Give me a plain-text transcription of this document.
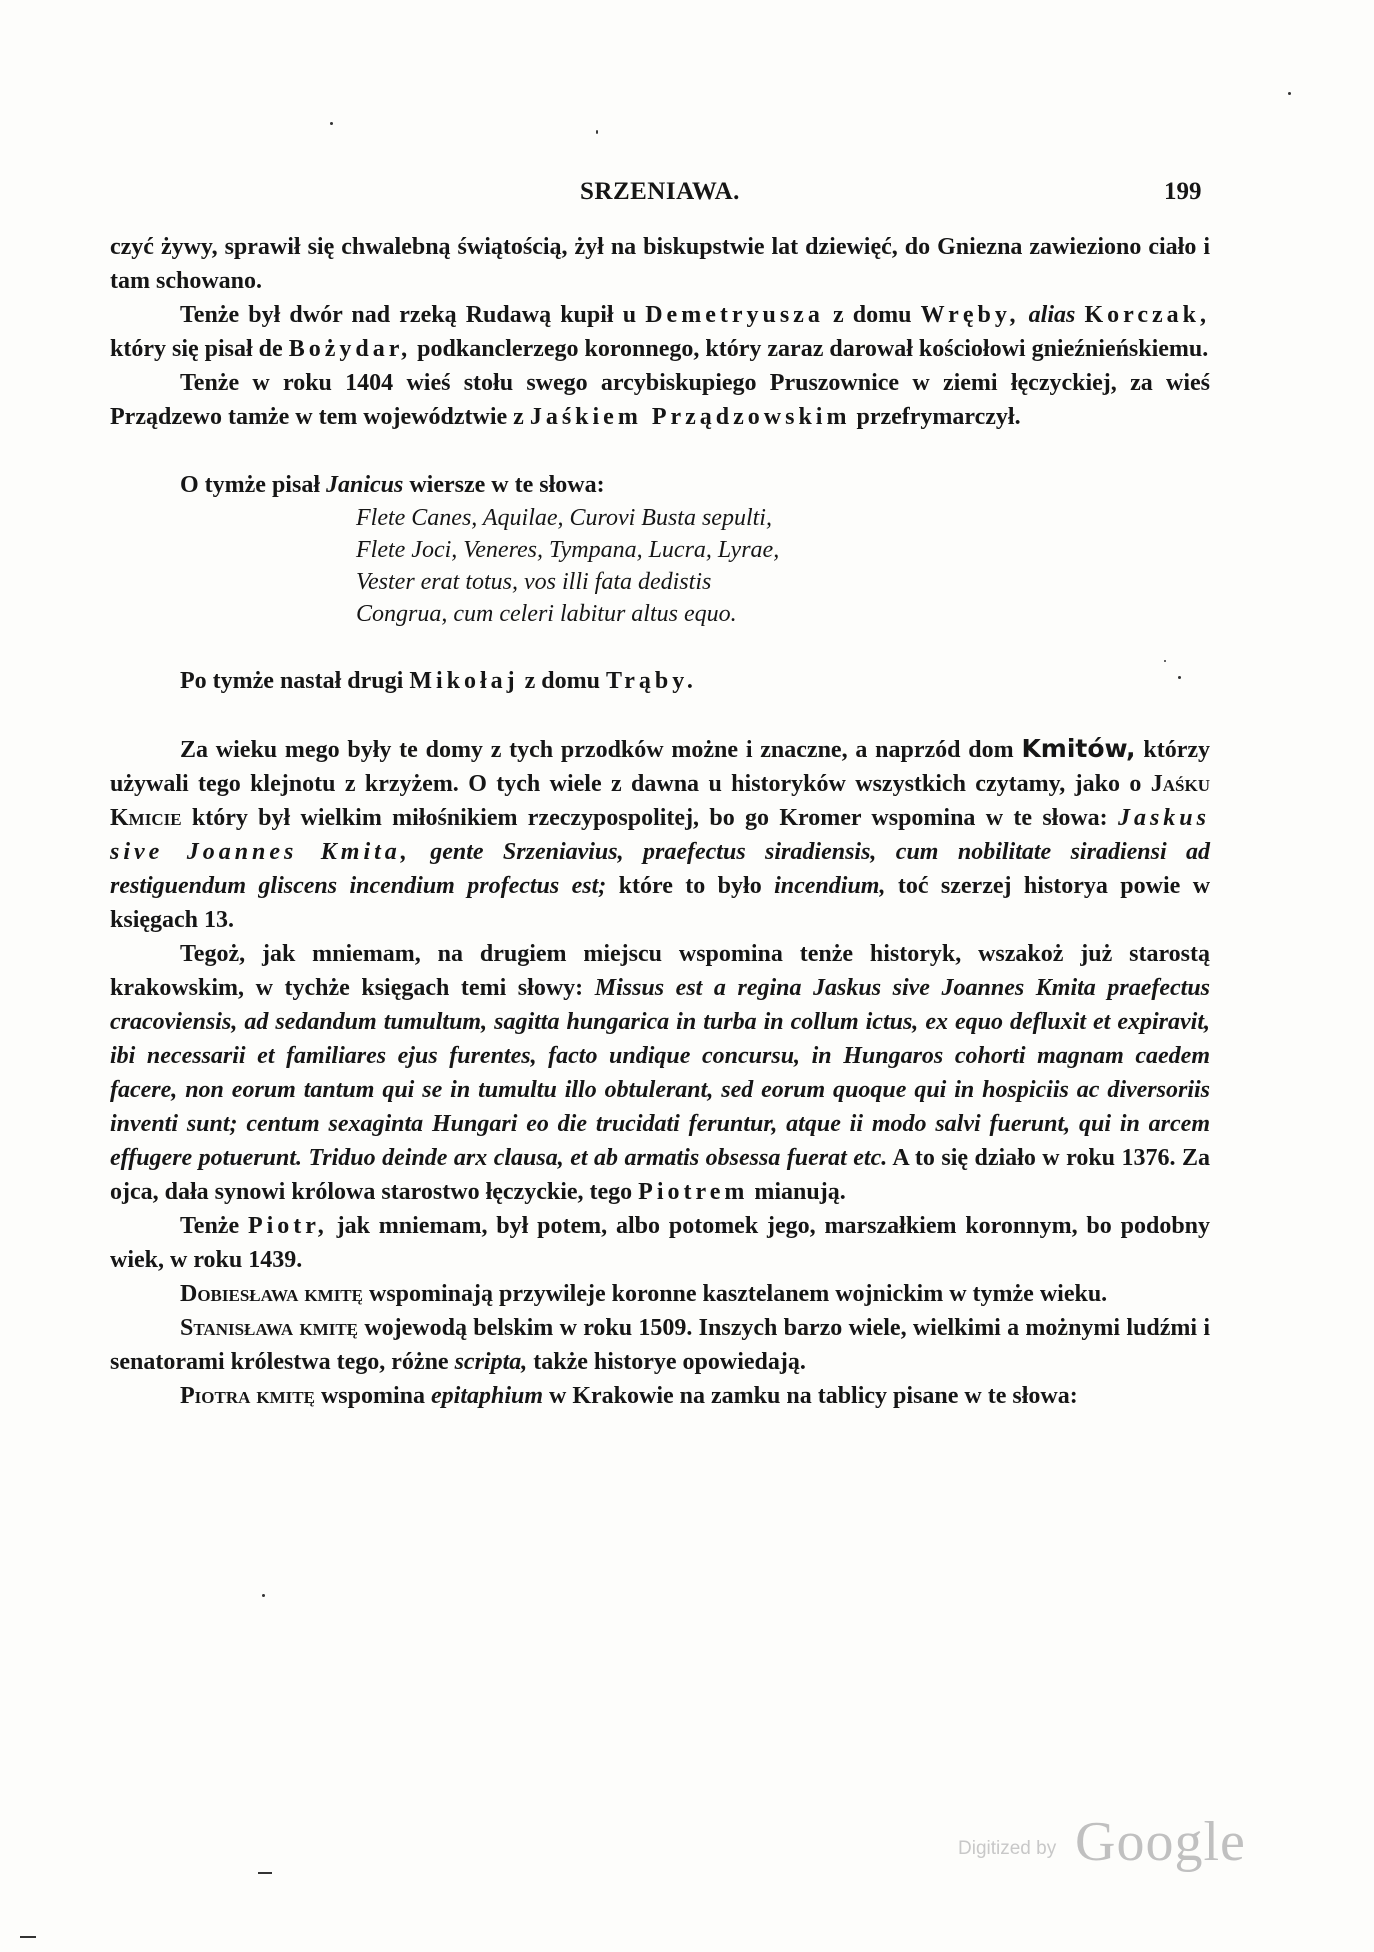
SRZENIAWA.	199

czyć żywy, sprawił się chwalebną świątością, żył na biskupstwie lat dziewięć, do Gniezna zawieziono ciało i tam schowano.

Tenże był dwór nad rzeką Rudawą kupił u Demetryusza z domu Wręby, alias Korczak, który się pisał de Bożydar, podkanclerzego koronnego, który zaraz darował kościołowi gnieźnieńskiemu.

Tenże w roku 1404 wieś stołu swego arcybiskupiego Pruszownice w ziemi łęczyckiej, za wieś Prządzewo tamże w tem województwie z Jaśkiem Prządzowskim przefrymarczył.

O tymże pisał Janicus wiersze w te słowa:

Flete Canes, Aquilae, Curovi Busta sepulti,
Flete Joci, Veneres, Tympana, Lucra, Lyrae,
Vester erat totus, vos illi fata dedistis
Congrua, cum celeri labitur altus equo.

Po tymże nastał drugi Mikołaj z domu Trąby.

Za wieku mego były te domy z tych przodków możne i znaczne, a naprzód dom Kmitów, którzy używali tego klejnotu z krzyżem. O tych wiele z dawna u historyków wszystkich czytamy, jako o Jaśku Kmicie który był wielkim miłośnikiem rzeczypospolitej, bo go Kromer wspomina w te słowa: Jaskus sive Joannes Kmita, gente Srzeniavius, praefectus siradiensis, cum nobilitate siradiensi ad restiguendum gliscens incendium profectus est; które to było incendium, toć szerzej historya powie w księgach 13.

Tegoż, jak mniemam, na drugiem miejscu wspomina tenże historyk, wszakoż już starostą krakowskim, w tychże księgach temi słowy: Missus est a regina Jaskus sive Joannes Kmita praefectus cracoviensis, ad sedandum tumultum, sagitta hungarica in turba in collum ictus, ex equo defluxit et expiravit, ibi necessarii et familiares ejus furentes, facto undique concursu, in Hungaros cohorti magnam caedem facere, non eorum tantum qui se in tumultu illo obtulerant, sed eorum quoque qui in hospiciis ac diversoriis inventi sunt; centum sexaginta Hungari eo die trucidati feruntur, atque ii modo salvi fuerunt, qui in arcem effugere potuerunt. Triduo deinde arx clausa, et ab armatis obsessa fuerat etc. A to się działo w roku 1376. Za ojca, dała synowi królowa starostwo łęczyckie, tego Piotrem mianują.

Tenże Piotr, jak mniemam, był potem, albo potomek jego, marszałkiem koronnym, bo podobny wiek, w roku 1439.

Dobiesława kmitę wspominają przywileje koronne kasztelanem wojnickim w tymże wieku.

Stanisława kmitę wojewodą belskim w roku 1509. Inszych barzo wiele, wielkimi a możnymi ludźmi i senatorami królestwa tego, różne scripta, także historye opowiedają.

Piotra kmitę wspomina epitaphium w Krakowie na zamku na tablicy pisane w te słowa:

Digitized by Google
